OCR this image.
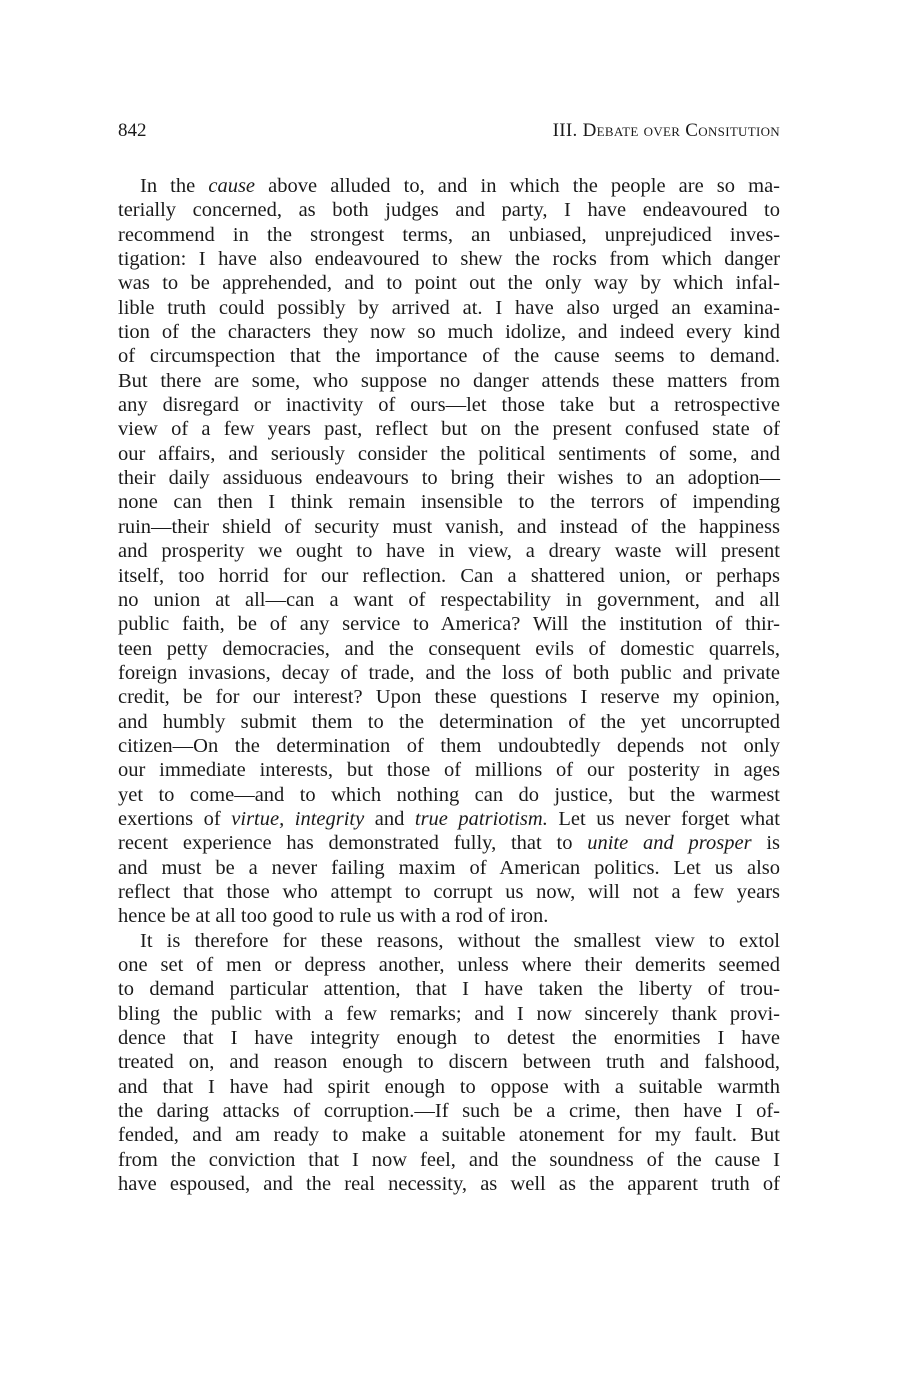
842	III. Debate over Consitution
In the cause above alluded to, and in which the people are so ma-
terially concerned, as both judges and party, I have endeavoured to
recommend in the strongest terms, an unbiased, unprejudiced inves-
tigation: I have also endeavoured to shew the rocks from which danger
was to be apprehended, and to point out the only way by which infal-
lible truth could possibly by arrived at. I have also urged an examina-
tion of the characters they now so much idolize, and indeed every kind
of circumspection that the importance of the cause seems to demand.
But there are some, who suppose no danger attends these matters from
any disregard or inactivity of ours—let those take but a retrospective
view of a few years past, reflect but on the present confused state of
our affairs, and seriously consider the political sentiments of some, and
their daily assiduous endeavours to bring their wishes to an adoption—
none can then I think remain insensible to the terrors of impending
ruin—their shield of security must vanish, and instead of the happiness
and prosperity we ought to have in view, a dreary waste will present
itself, too horrid for our reflection. Can a shattered union, or perhaps
no union at all—can a want of respectability in government, and all
public faith, be of any service to America? Will the institution of thir-
teen petty democracies, and the consequent evils of domestic quarrels,
foreign invasions, decay of trade, and the loss of both public and private
credit, be for our interest? Upon these questions I reserve my opinion,
and humbly submit them to the determination of the yet uncorrupted
citizen—On the determination of them undoubtedly depends not only
our immediate interests, but those of millions of our posterity in ages
yet to come—and to which nothing can do justice, but the warmest
exertions of virtue, integrity and true patriotism. Let us never forget what
recent experience has demonstrated fully, that to unite and prosper is
and must be a never failing maxim of American politics. Let us also
reflect that those who attempt to corrupt us now, will not a few years
hence be at all too good to rule us with a rod of iron.
It is therefore for these reasons, without the smallest view to extol
one set of men or depress another, unless where their demerits seemed
to demand particular attention, that I have taken the liberty of trou-
bling the public with a few remarks; and I now sincerely thank provi-
dence that I have integrity enough to detest the enormities I have
treated on, and reason enough to discern between truth and falshood,
and that I have had spirit enough to oppose with a suitable warmth
the daring attacks of corruption.—If such be a crime, then have I of-
fended, and am ready to make a suitable atonement for my fault. But
from the conviction that I now feel, and the soundness of the cause I
have espoused, and the real necessity, as well as the apparent truth of
